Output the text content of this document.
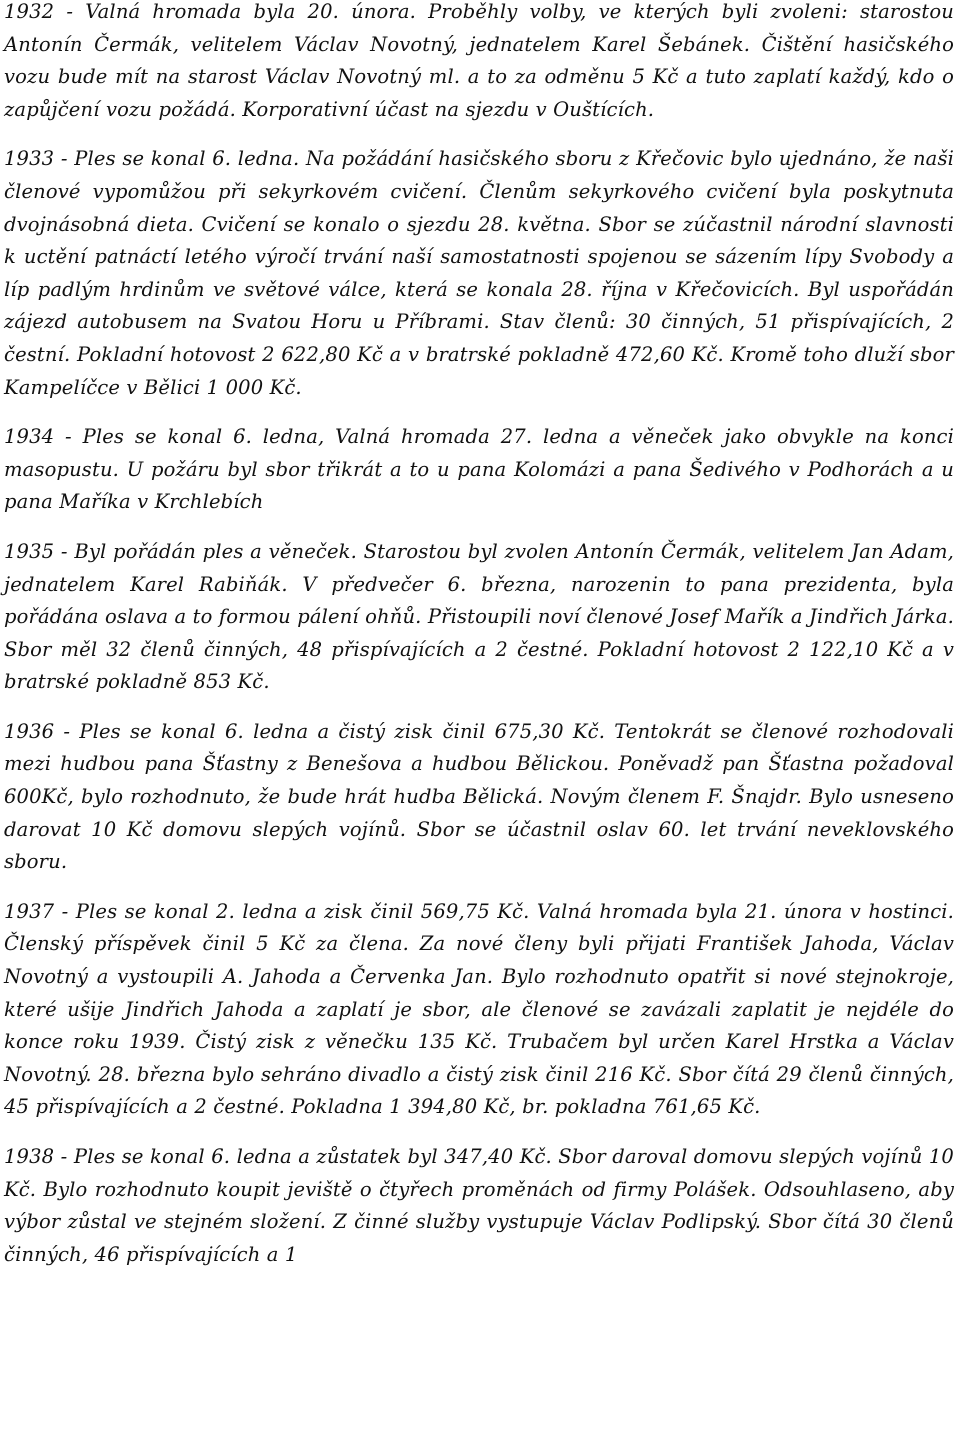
1932 - Valná hromada byla 20. února. Proběhly volby, ve kterých byli zvoleni: starostou Antonín Čermák, velitelem Václav Novotný, jednatelem Karel Šebánek. Čištění hasičského vozu bude mít na starost Václav Novotný ml. a to za odměnu 5 Kč a tuto zaplatí každý, kdo o zapůjčení vozu požádá. Korporativní účast na sjezdu v Ouštících.

1933 - Ples se konal 6. ledna. Na požádání hasičského sboru z Křečovic bylo ujednáno, že naši členové vypomůžou při sekyrkovém cvičení. Členům sekyrkového cvičení byla poskytnuta dvojnásobná dieta. Cvičení se konalo o sjezdu 28. května. Sbor se zúčastnil národní slavnosti k uctění patnáctí letého výročí trvání naší samostatnosti spojenou se sázením lípy Svobody a líp padlým hrdinům ve světové válce, která se konala 28. října v Křečovicích. Byl uspořádán zájezd autobusem na Svatou Horu u Příbrami. Stav členů: 30 činných, 51 přispívajících, 2 čestní. Pokladní hotovost 2 622,80 Kč a v bratrské pokladně 472,60 Kč. Kromě toho dluží sbor Kampelíčce v Bělici 1 000 Kč.

1934 - Ples se konal 6. ledna, Valná hromada 27. ledna a věneček jako obvykle na konci masopustu. U požáru byl sbor třikrát a to u pana Kolomázi a pana Šedivého v Podhorách a u pana Maříka v Krchlebích

1935 - Byl pořádán ples a věneček. Starostou byl zvolen Antonín Čermák, velitelem Jan Adam, jednatelem Karel Rabiňák. V předvečer 6. března, narozenin to pana prezidenta, byla pořádána oslava a to formou pálení ohňů. Přistoupili noví členové Josef Mařík a Jindřich Járka. Sbor měl 32 členů činných, 48 přispívajících a 2 čestné. Pokladní hotovost 2 122,10 Kč a v bratrské pokladně 853 Kč.

1936 - Ples se konal 6. ledna a čistý zisk činil 675,30 Kč. Tentokrát se členové rozhodovali mezi hudbou pana Šťastny z Benešova a hudbou Bělickou. Poněvadž pan Šťastna požadoval 600Kč, bylo rozhodnuto, že bude hrát hudba Bělická. Novým členem F. Šnajdr. Bylo usneseno darovat 10 Kč domovu slepých vojínů. Sbor se účastnil oslav 60. let trvání neveklovského sboru.

1937 - Ples se konal 2. ledna a zisk činil 569,75 Kč. Valná hromada byla 21. února v hostinci. Členský příspěvek činil 5 Kč za člena. Za nové členy byli přijati František Jahoda, Václav Novotný a vystoupili A. Jahoda a Červenka Jan. Bylo rozhodnuto opatřit si nové stejnokroje, které ušije Jindřich Jahoda a zaplatí je sbor, ale členové se zavázali zaplatit je nejdéle do konce roku 1939. Čistý zisk z věnečku 135 Kč. Trubačem byl určen Karel Hrstka a Václav Novotný. 28. března bylo sehráno divadlo a čistý zisk činil 216 Kč. Sbor čítá 29 členů činných, 45 přispívajících a 2 čestné. Pokladna 1 394,80 Kč, br. pokladna 761,65 Kč.

1938 - Ples se konal 6. ledna a zůstatek byl 347,40 Kč. Sbor daroval domovu slepých vojínů 10 Kč. Bylo rozhodnuto koupit jeviště o čtyřech proměnách od firmy Polášek. Odsouhlaseno, aby výbor zůstal ve stejném složení. Z činné služby vystupuje Václav Podlipský. Sbor čítá 30 členů činných, 46 přispívajících a 1
